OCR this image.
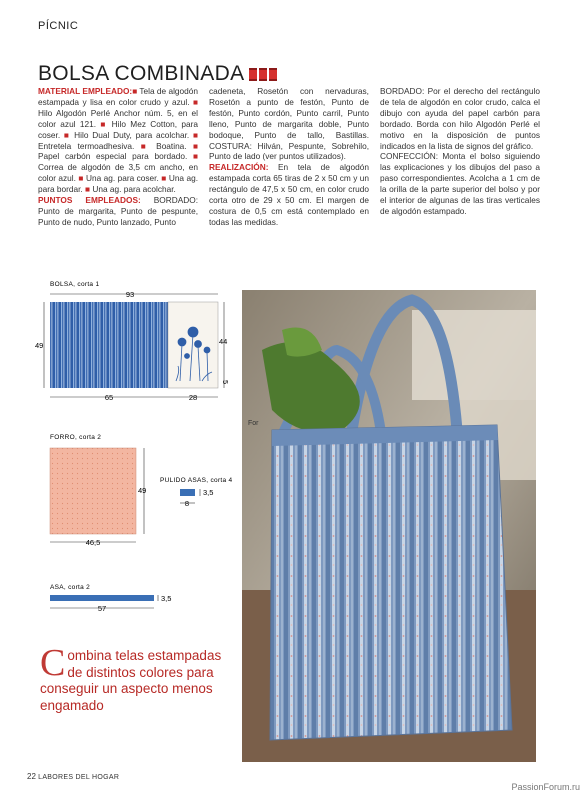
PÍCNIC
BOLSA COMBINADA

MATERIAL EMPLEADO:■ Tela de algodón estampada y lisa en color crudo y azul. ■ Hilo Algodón Perlé Anchor núm. 5, en el color azul 121. ■ Hilo Mez Cotton, para coser. ■ Hilo Dual Duty, para acolchar. ■ Entretela termoadhesiva. ■ Boatina. ■ Papel carbón especial para bordado. ■ Correa de algodón de 3,5 cm ancho, en color azul. ■ Una ag. para coser. ■ Una ag. para bordar. ■ Una ag. para acolchar.

PUNTOS EMPLEADOS: BORDADO: Punto de margarita, Punto de pespunte, Punto de nudo, Punto lanzado, Punto

cadeneta, Rosetón con nervaduras, Rosetón a punto de festón, Punto de festón, Punto cordón, Punto carril, Punto lleno, Punto de margarita doble, Punto bodoque, Punto de tallo, Bastillas. COSTURA: Hilván, Pespunte, Sobrehilo, Punto de lado (ver puntos utilizados).

REALIZACIÓN: En tela de algodón estampada corta 65 tiras de 2 x 50 cm y un rectángulo de 47,5 x 50 cm, en color crudo corta otro de 29 x 50 cm. El margen de costura de 0,5 cm está contemplado en todas las medidas.

BORDADO: Por el derecho del rectángulo de tela de algodón en color crudo, calca el dibujo con ayuda del papel carbón para bordado. Borda con hilo Algodón Perlé el motivo en la disposición de puntos indicados en la lista de signos del gráfico.

CONFECCIÓN: Monta el bolso siguiendo las explicaciones y los dibujos del paso a paso correspondientes. Acolcha a 1 cm de la orilla de la parte superior del bolso y por el interior de algunas de las tiras verticales de algodón estampado.

BOLSA, corta 1
93
49	44
5
65	28
FORRO, corta 2
49
46,5
PULIDO ASAS, corta 4
3,5
8
ASA, corta 2
3,5
57
For
Combina telas estampadas de distintos colores para conseguir un aspecto menos engamado
22 LABORES DEL HOGAR
PassionForum.ru
